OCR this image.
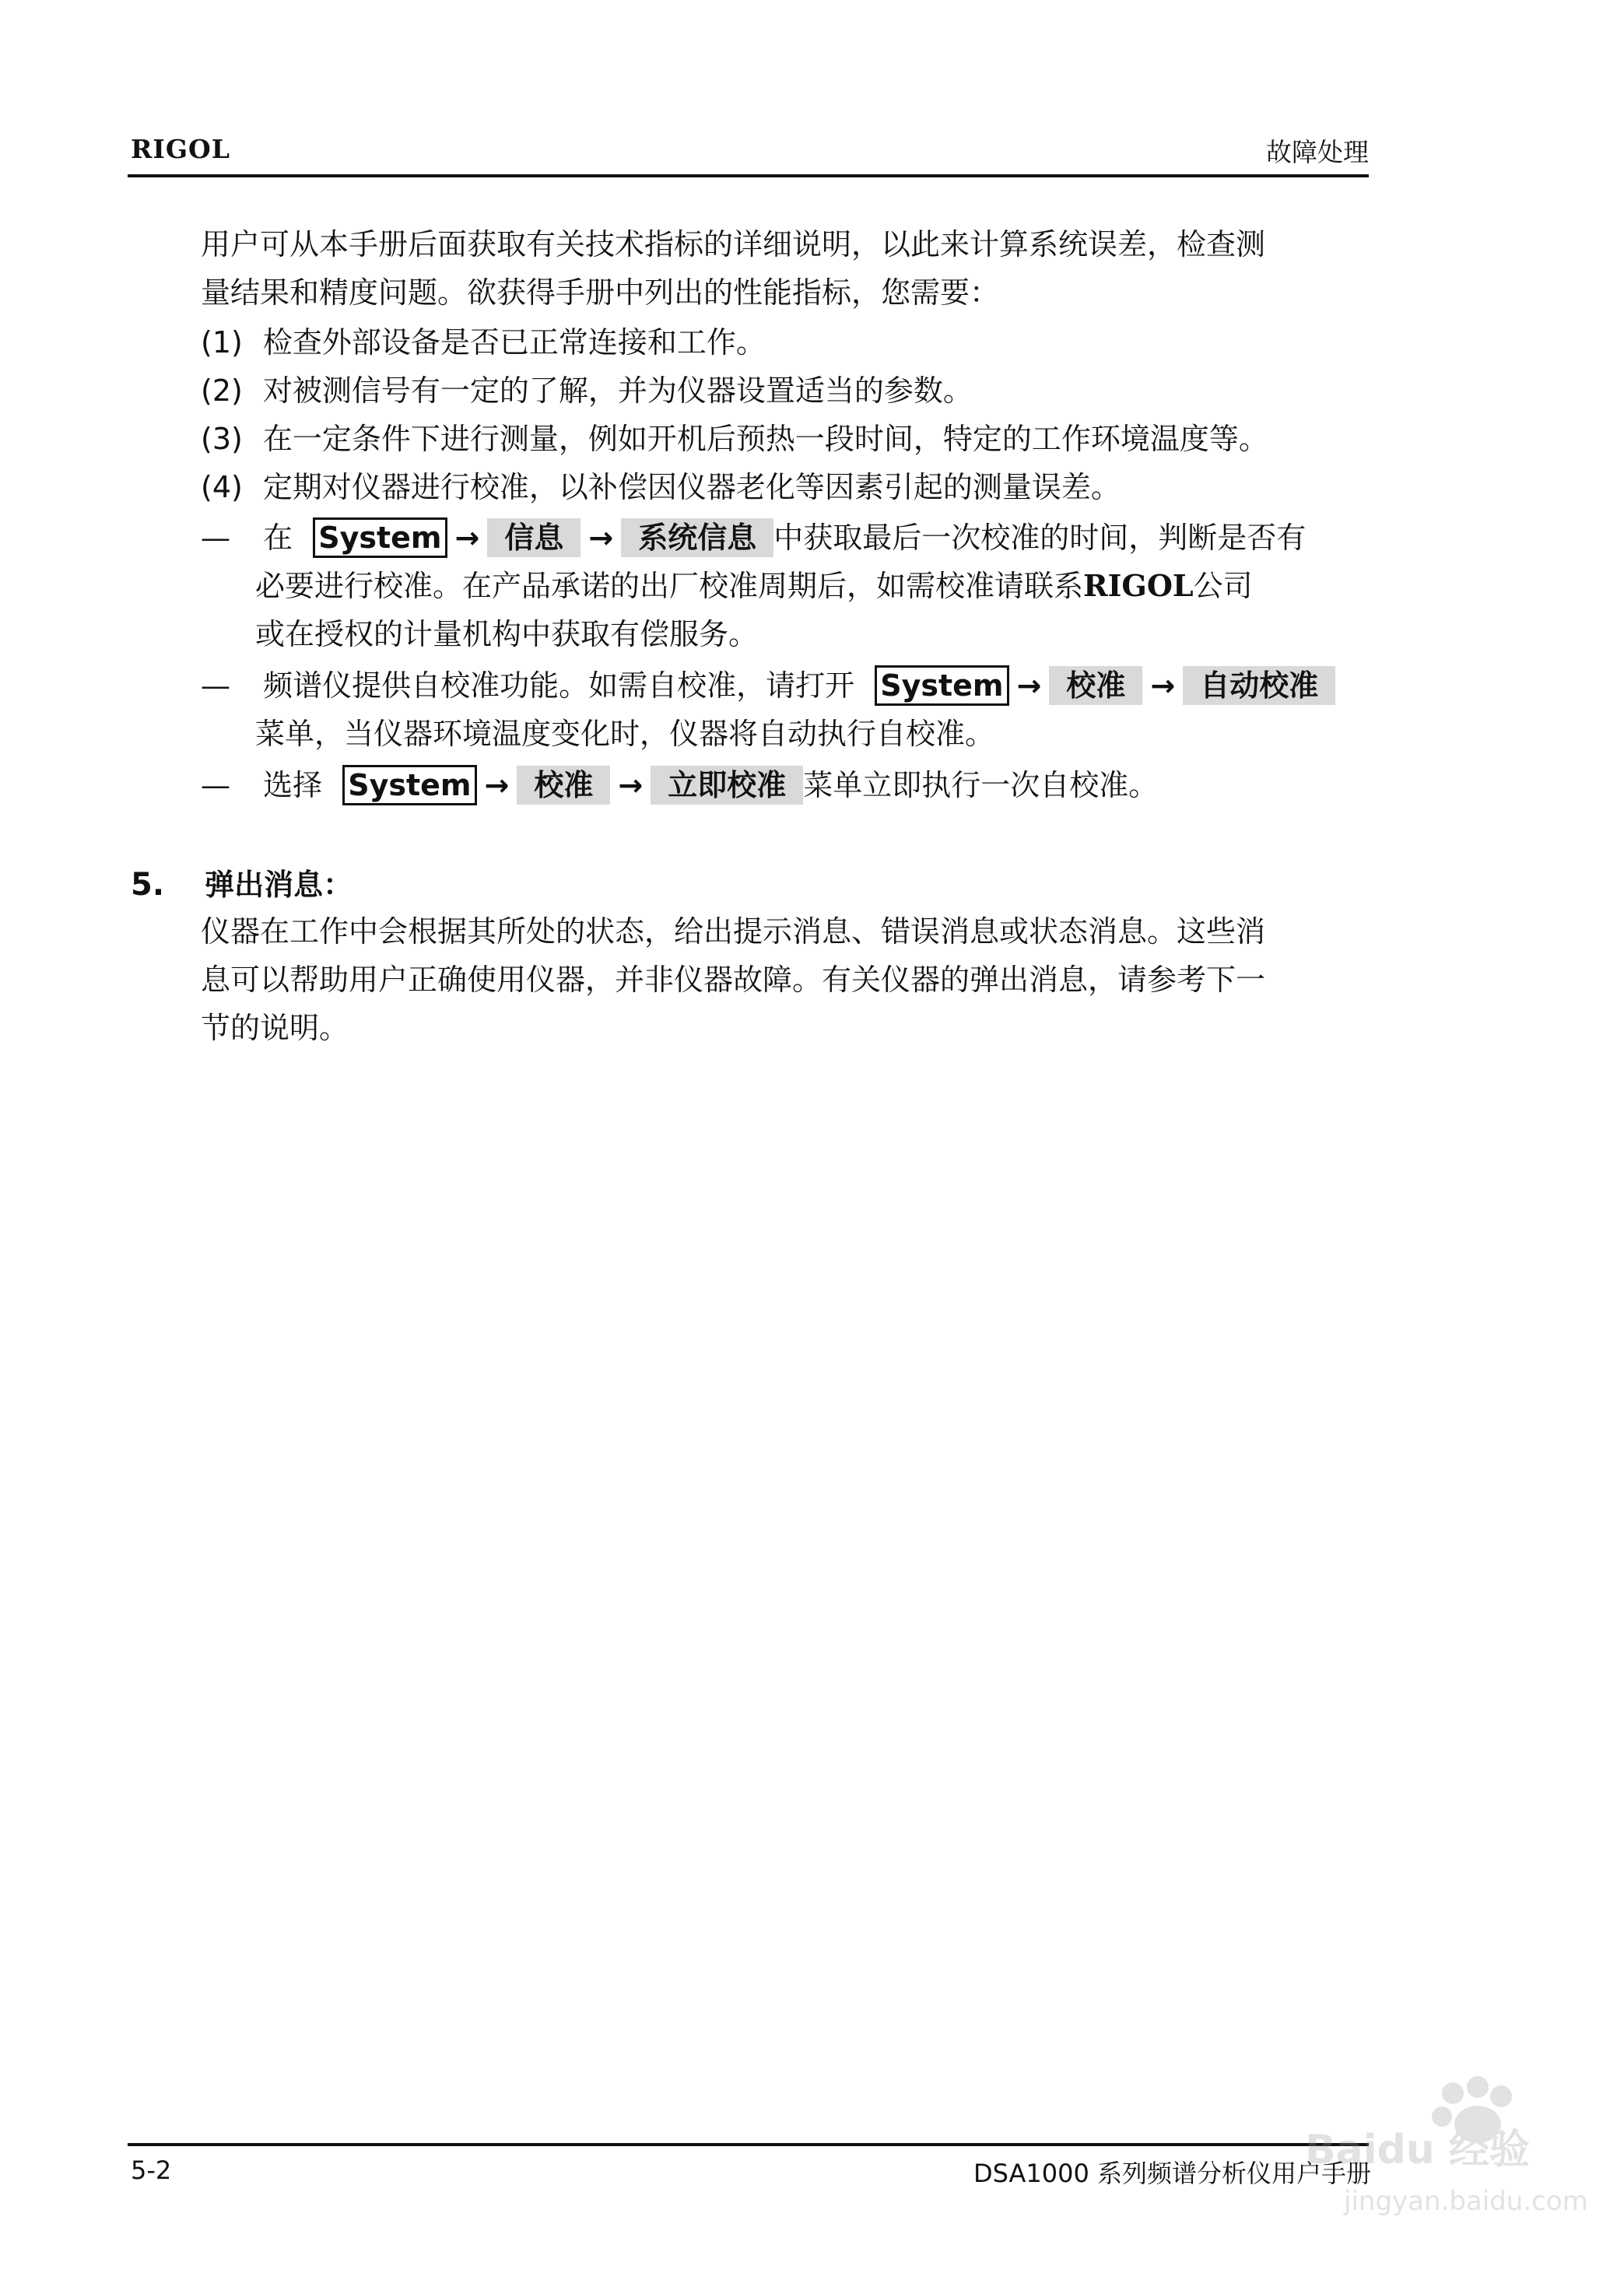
RIGOL	故障处理
用户可从本手册后面获取有关技术指标的详细说明，以此来计算系统误差，检查测
量结果和精度问题。欲获得手册中列出的性能指标，您需要：
(1) 检查外部设备是否已正常连接和工作。
(2) 对被测信号有一定的了解，并为仪器设置适当的参数。
(3) 在一定条件下进行测量，例如开机后预热一段时间，特定的工作环境温度等。
(4) 定期对仪器进行校准，以补偿因仪器老化等因素引起的测量误差。
— 在 System → 信息 → 系统信息 中获取最后一次校准的时间，判断是否有
必要进行校准。在产品承诺的出厂校准周期后，如需校准请联系RIGOL公司
或在授权的计量机构中获取有偿服务。
— 频谱仪提供自校准功能。如需自校准，请打开 System → 校准 → 自动校准
菜单，当仪器环境温度变化时，仪器将自动执行自校准。
— 选择 System → 校准 → 立即校准 菜单立即执行一次自校准。
5. 弹出消息：
仪器在工作中会根据其所处的状态，给出提示消息、错误消息或状态消息。这些消
息可以帮助用户正确使用仪器，并非仪器故障。有关仪器的弹出消息，请参考下一
节的说明。
5-2	DSA1000 系列频谱分析仪用户手册
Baidu 经验
jingyan.baidu.com
